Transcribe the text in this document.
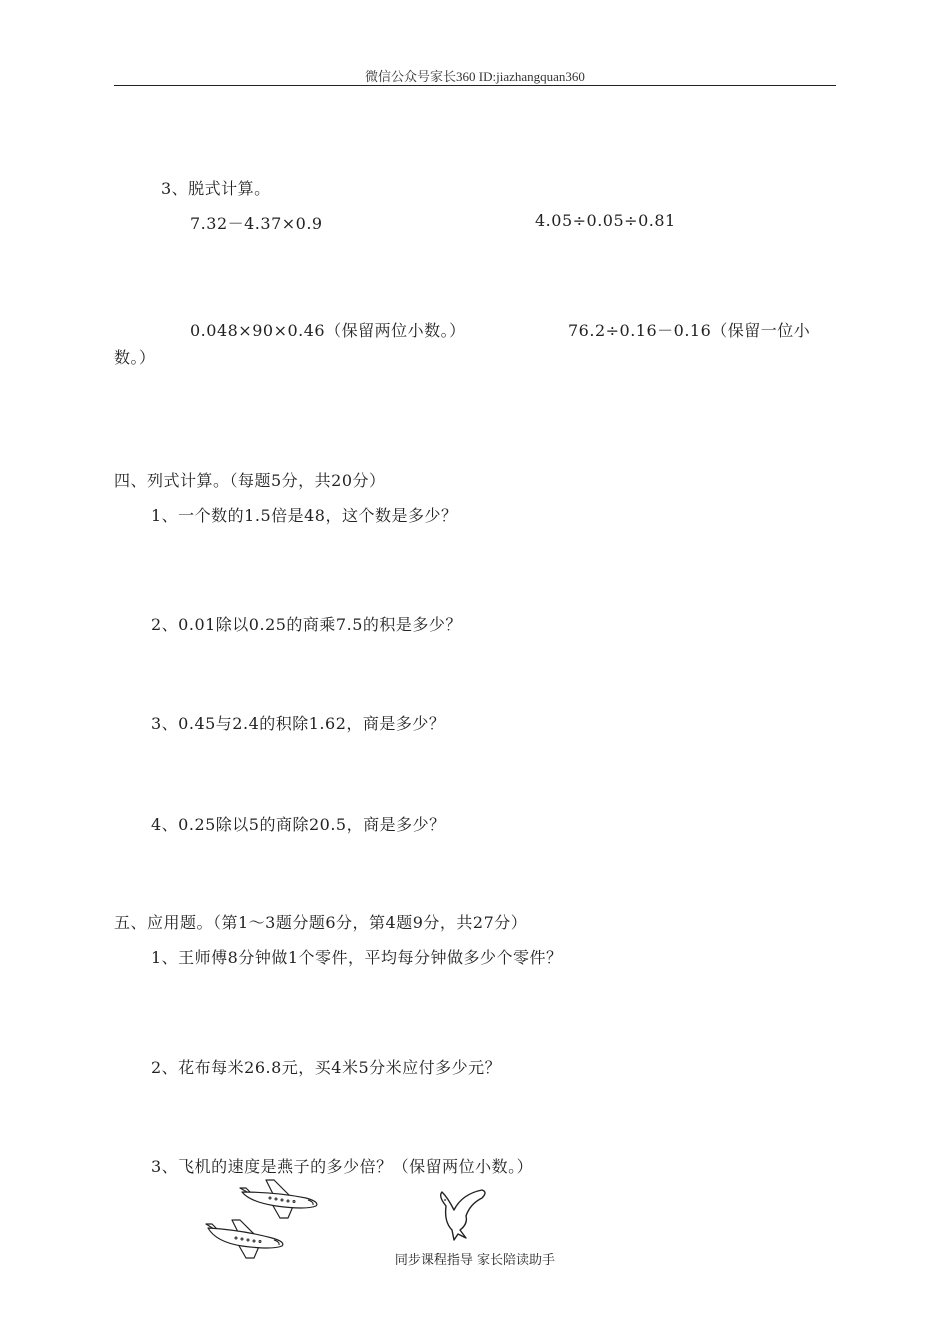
微信公众号家长360 ID:jiazhangquan360
3、脱式计算。
7.32－4.37×0.9	4.05÷0.05÷0.81
0.048×90×0.46（保留两位小数。）	76.2÷0.16－0.16（保留一位小
数。）
四、列式计算。（每题5分，共20分）
1、一个数的1.5倍是48，这个数是多少？
2、0.01除以0.25的商乘7.5的积是多少？
3、0.45与2.4的积除1.62，商是多少？
4、0.25除以5的商除20.5，商是多少？
五、应用题。（第1～3题分题6分，第4题9分，共27分）
1、王师傅8分钟做1个零件，平均每分钟做多少个零件？
2、花布每米26.8元，买4米5分米应付多少元？
3、飞机的速度是燕子的多少倍？（保留两位小数。）
同步课程指导 家长陪读助手
